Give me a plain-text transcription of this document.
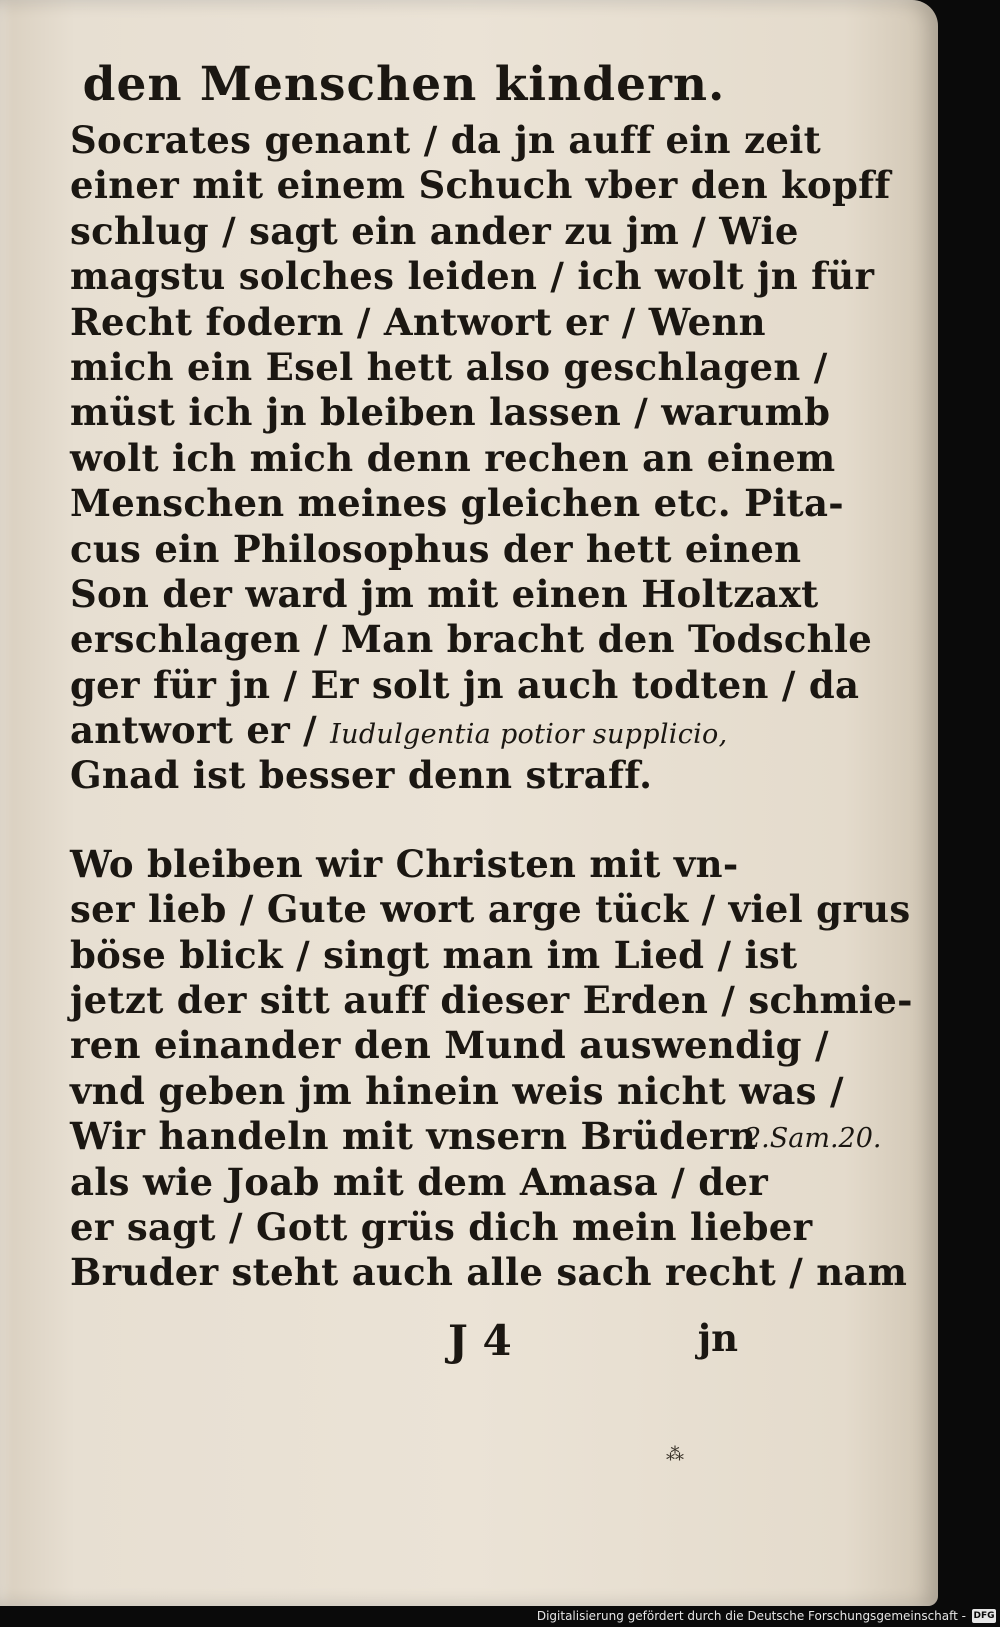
den Menschen kindern.
Socrates genant / da jn auff ein zeit
einer mit einem Schuch vber den kopff
schlug / sagt ein ander zu jm / Wie
magstu solches leiden / ich wolt jn für
Recht fodern / Antwort er / Wenn
mich ein Esel hett also geschlagen /
müst ich jn bleiben lassen / warumb
wolt ich mich denn rechen an einem
Menschen meines gleichen etc. Pita-
cus ein Philosophus der hett einen
Son der ward jm mit einen Holtzaxt
erschlagen / Man bracht den Todschle
ger für jn / Er solt jn auch todten / da
antwort er / Iudulgentia potior supplicio,
Gnad ist besser denn straff.
Wo bleiben wir Christen mit vn-
ser lieb / Gute wort arge tück / viel grus
böse blick / singt man im Lied / ist
jetzt der sitt auff dieser Erden / schmie-
ren einander den Mund auswendig /
vnd geben jm hinein weis nicht was /
Wir handeln mit vnsern Brüdern
als wie Joab mit dem Amasa / der
er sagt / Gott grüs dich mein lieber
Bruder steht auch alle sach recht / nam
2.Sam.20.
J 4	jn
⁂
Digitalisierung gefördert durch die Deutsche Forschungsgemeinschaft - DFG
